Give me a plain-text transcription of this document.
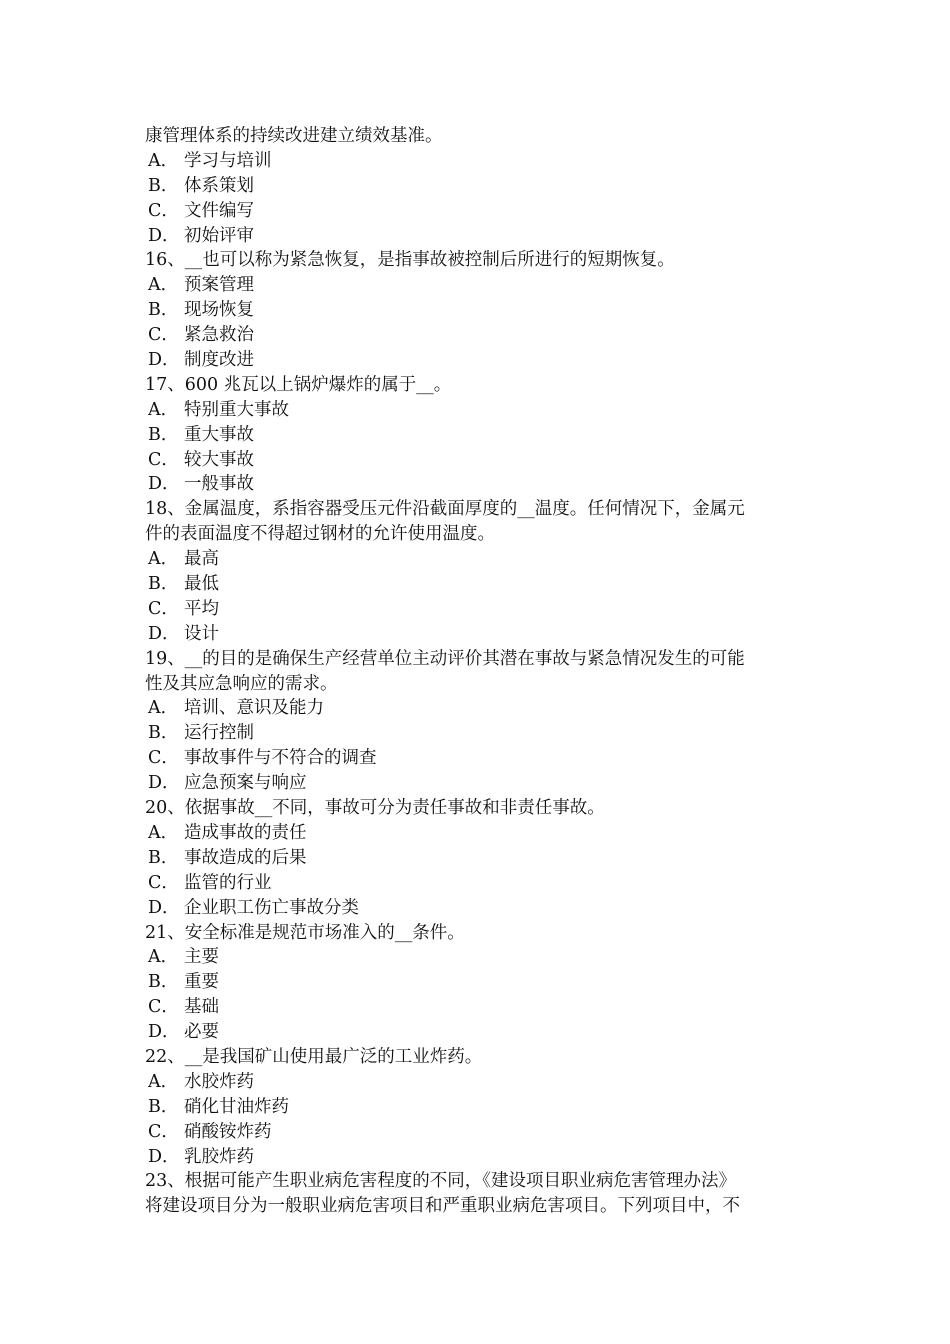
康管理体系的持续改进建立绩效基准。
A． 学习与培训
B． 体系策划
C． 文件编写
D． 初始评审
16、__也可以称为紧急恢复，是指事故被控制后所进行的短期恢复。
A． 预案管理
B． 现场恢复
C． 紧急救治
D． 制度改进
17、600 兆瓦以上锅炉爆炸的属于__。
A． 特别重大事故
B． 重大事故
C． 较大事故
D． 一般事故
18、金属温度，系指容器受压元件沿截面厚度的__温度。任何情况下，金属元
件的表面温度不得超过钢材的允许使用温度。
A． 最高
B． 最低
C． 平均
D． 设计
19、__的目的是确保生产经营单位主动评价其潜在事故与紧急情况发生的可能
性及其应急响应的需求。
A． 培训、意识及能力
B． 运行控制
C． 事故事件与不符合的调查
D． 应急预案与响应
20、依据事故__不同，事故可分为责任事故和非责任事故。
A． 造成事故的责任
B． 事故造成的后果
C． 监管的行业
D． 企业职工伤亡事故分类
21、安全标准是规范市场准入的__条件。
A． 主要
B． 重要
C． 基础
D． 必要
22、__是我国矿山使用最广泛的工业炸药。
A． 水胶炸药
B． 硝化甘油炸药
C． 硝酸铵炸药
D． 乳胶炸药
23、根据可能产生职业病危害程度的不同，《建设项目职业病危害管理办法》
将建设项目分为一般职业病危害项目和严重职业病危害项目。下列项目中，不
